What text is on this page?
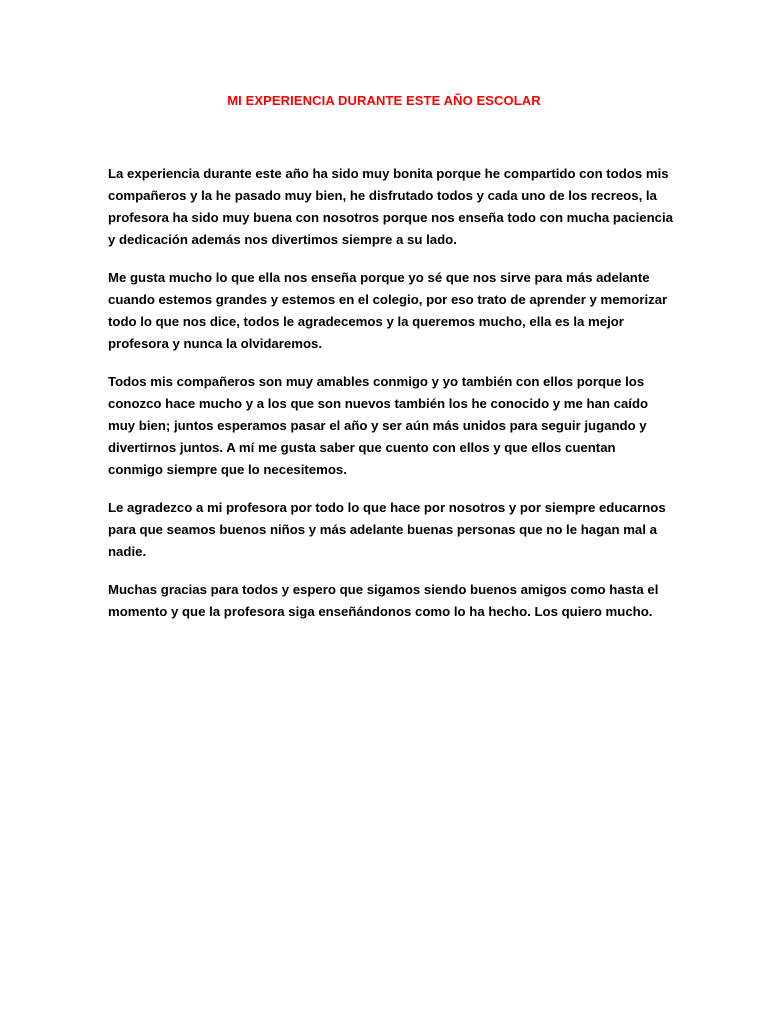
MI EXPERIENCIA DURANTE ESTE AÑO ESCOLAR

La experiencia durante este año ha sido muy bonita porque he compartido con todos mis compañeros y la he pasado muy bien, he disfrutado todos y cada uno de los recreos, la profesora ha sido muy buena con nosotros porque nos enseña todo con mucha paciencia y dedicación además nos divertimos siempre a su lado.

Me gusta mucho lo que ella nos enseña porque yo sé que nos sirve para más adelante cuando estemos grandes y estemos en el colegio, por eso trato de aprender y memorizar todo lo que nos dice, todos le agradecemos y la queremos mucho, ella es la mejor profesora y nunca la olvidaremos.

Todos mis compañeros son muy amables conmigo y yo también con ellos porque los conozco hace mucho y a los que son nuevos también los he conocido y me han caído muy bien; juntos esperamos pasar el año y ser aún más unidos para seguir jugando y divertirnos juntos. A mí me gusta saber que cuento con ellos y que ellos cuentan conmigo siempre que lo necesitemos.

Le agradezco a mi profesora por todo lo que hace por nosotros y por siempre educarnos para que seamos buenos niños y más adelante buenas personas que no le hagan mal a nadie.

Muchas gracias para todos y espero que sigamos siendo buenos amigos como hasta el momento y que la profesora siga enseñándonos como lo ha hecho. Los quiero mucho.
